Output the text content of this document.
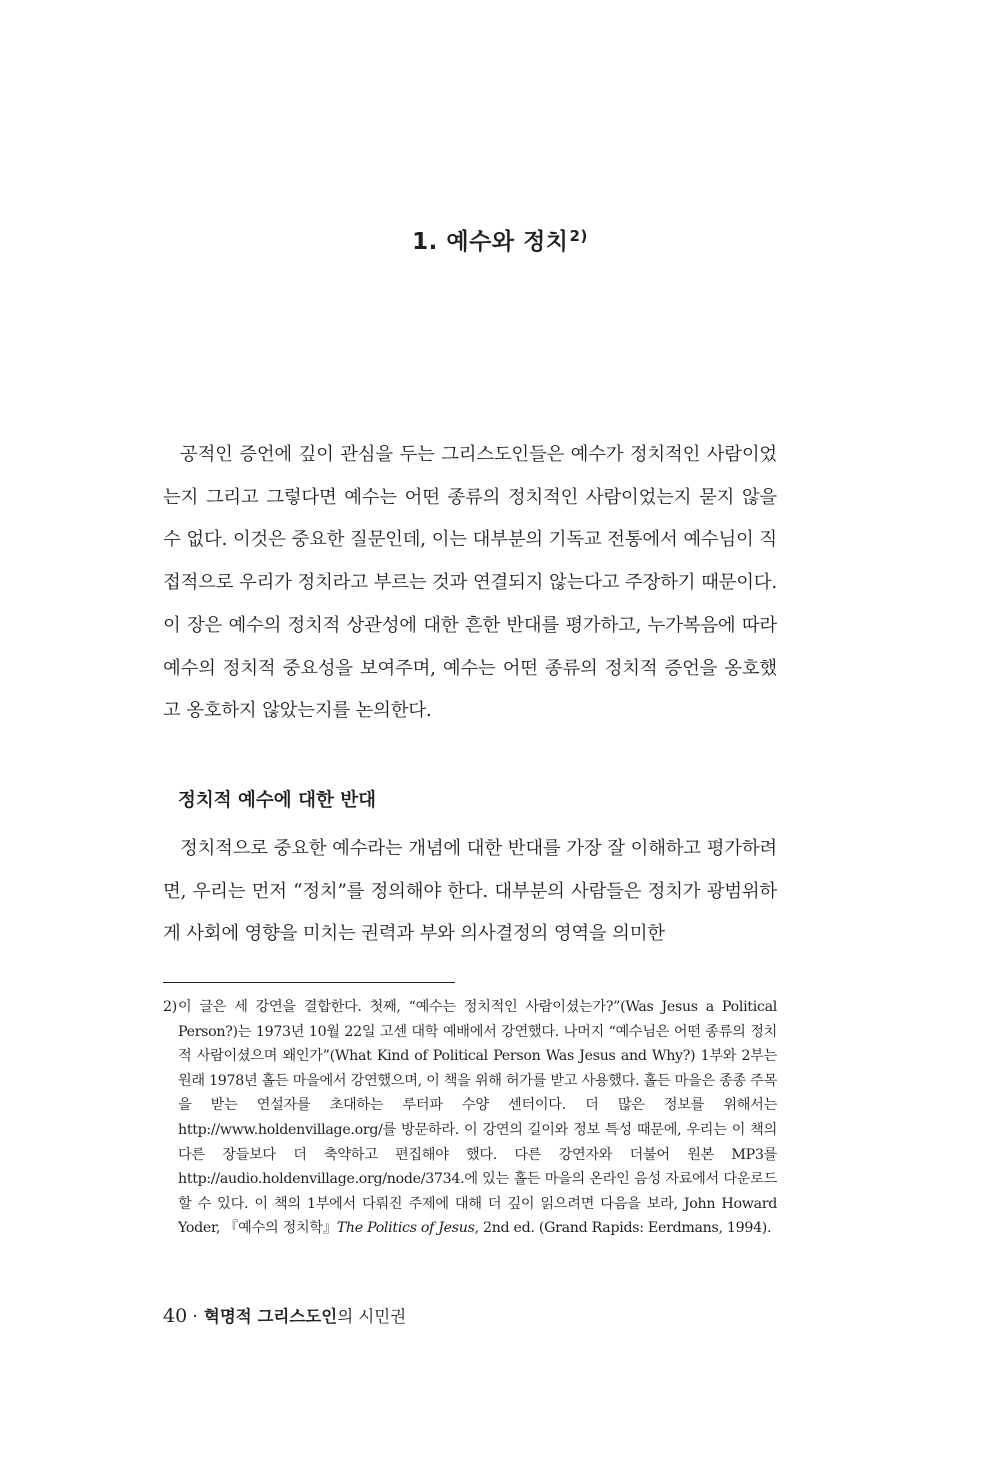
1. 예수와 정치$^{2)}$

공적인 증언에 깊이 관심을 두는 그리스도인들은 예수가 정치적인 사람이었는지 그리고 그렇다면 예수는 어떤 종류의 정치적인 사람이었는지 묻지 않을 수 없다. 이것은 중요한 질문인데, 이는 대부분의 기독교 전통에서 예수님이 직접적으로 우리가 정치라고 부르는 것과 연결되지 않는다고 주장하기 때문이다. 이 장은 예수의 정치적 상관성에 대한 흔한 반대를 평가하고, 누가복음에 따라 예수의 정치적 중요성을 보여주며, 예수는 어떤 종류의 정치적 증언을 옹호했고 옹호하지 않았는지를 논의한다.

정치적 예수에 대한 반대

정치적으로 중요한 예수라는 개념에 대한 반대를 가장 잘 이해하고 평가하려면, 우리는 먼저 “정치”를 정의해야 한다. 대부분의 사람들은 정치가 광범위하게 사회에 영향을 미치는 권력과 부와 의사결정의 영역을 의미한

2) 이 글은 세 강연을 결합한다. 첫째, “예수는 정치적인 사람이셨는가?”(Was Jesus a Political Person?)는 1973년 10월 22일 고센 대학 예배에서 강연했다. 나머지 “예수님은 어떤 종류의 정치적 사람이셨으며 왜인가”(What Kind of Political Person Was Jesus and Why?) 1부와 2부는 원래 1978년 홀든 마을에서 강연했으며, 이 책을 위해 허가를 받고 사용했다. 홀든 마을은 종종 주목을 받는 연설자를 초대하는 루터파 수양 센터이다. 더 많은 정보를 위해서는 http://www.holdenvillage.org/를 방문하라. 이 강연의 길이와 정보 특성 때문에, 우리는 이 책의 다른 장들보다 더 축약하고 편집해야 했다. 다른 강연자와 더불어 원본 MP3를 http://audio.holdenvillage.org/node/3734.에 있는 홀든 마을의 온라인 음성 자료에서 다운로드할 수 있다. 이 책의 1부에서 다뤄진 주제에 대해 더 깊이 읽으려면 다음을 보라, John Howard Yoder, 『예수의 정치학』The Politics of Jesus, 2nd ed. (Grand Rapids: Eerdmans, 1994).
40 · 혁명적 그리스도인의 시민권
